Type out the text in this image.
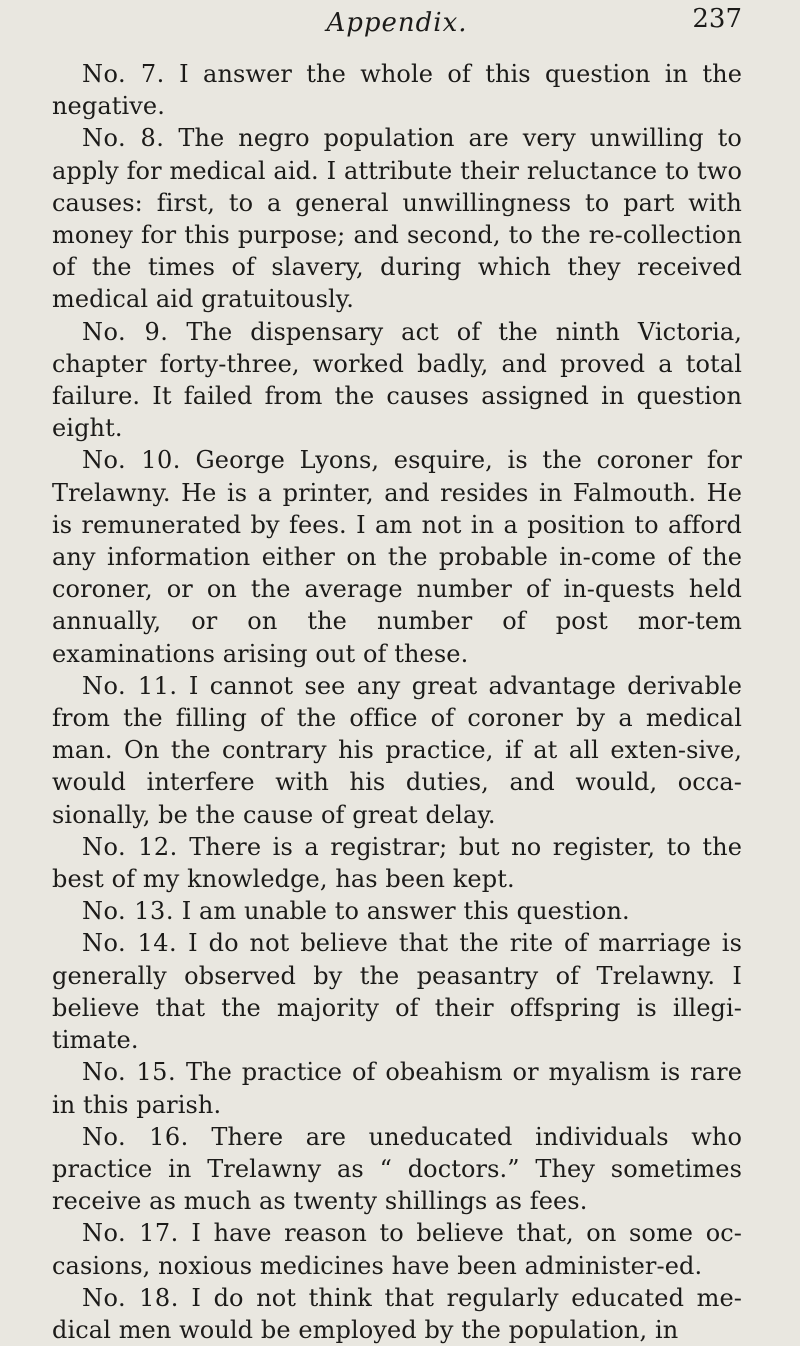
Appendix.	237

No. 7. I answer the whole of this question in the negative.

No. 8. The negro population are very unwilling to apply for medical aid. I attribute their reluctance to two causes: first, to a general unwillingness to part with money for this purpose; and second, to the re-collection of the times of slavery, during which they received medical aid gratuitously.

No. 9. The dispensary act of the ninth Victoria, chapter forty-three, worked badly, and proved a total failure. It failed from the causes assigned in question eight.

No. 10. George Lyons, esquire, is the coroner for Trelawny. He is a printer, and resides in Falmouth. He is remunerated by fees. I am not in a position to afford any information either on the probable in-come of the coroner, or on the average number of in-quests held annually, or on the number of post mor-tem examinations arising out of these.

No. 11. I cannot see any great advantage derivable from the filling of the office of coroner by a medical man. On the contrary his practice, if at all exten-sive, would interfere with his duties, and would, occa-sionally, be the cause of great delay.

No. 12. There is a registrar; but no register, to the best of my knowledge, has been kept.

No. 13. I am unable to answer this question.

No. 14. I do not believe that the rite of marriage is generally observed by the peasantry of Trelawny. I believe that the majority of their offspring is illegi-timate.

No. 15. The practice of obeahism or myalism is rare in this parish.

No. 16. There are uneducated individuals who practice in Trelawny as “ doctors.” They sometimes receive as much as twenty shillings as fees.

No. 17. I have reason to believe that, on some oc-casions, noxious medicines have been administer-ed.

No. 18. I do not think that regularly educated me-dical men would be employed by the population, in
